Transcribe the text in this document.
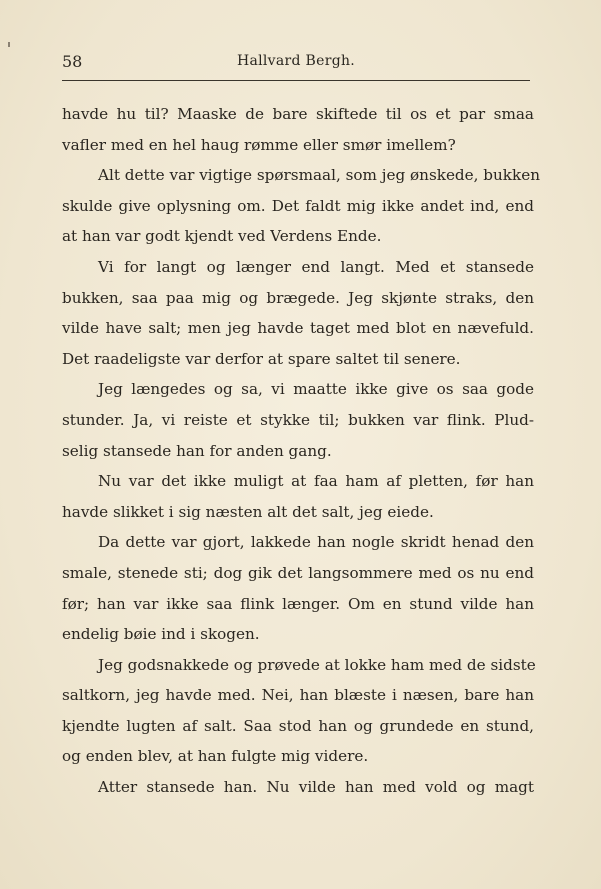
58	Hallvard Bergh.
havde hu til? Maaske de bare skiftede til os et par smaa
vafler med en hel haug rømme eller smør imellem?
Alt dette var vigtige spørsmaal, som jeg ønskede, bukken
skulde give oplysning om. Det faldt mig ikke andet ind, end
at han var godt kjendt ved Verdens Ende.
Vi for langt og længer end langt. Med et stansede
bukken, saa paa mig og brægede. Jeg skjønte straks, den
vilde have salt; men jeg havde taget med blot en nævefuld.
Det raadeligste var derfor at spare saltet til senere.
Jeg længedes og sa, vi maatte ikke give os saa gode
stunder. Ja, vi reiste et stykke til; bukken var flink. Plud-
selig stansede han for anden gang.
Nu var det ikke muligt at faa ham af pletten, før han
havde slikket i sig næsten alt det salt, jeg eiede.
Da dette var gjort, lakkede han nogle skridt henad den
smale, stenede sti; dog gik det langsommere med os nu end
før; han var ikke saa flink længer. Om en stund vilde han
endelig bøie ind i skogen.
Jeg godsnakkede og prøvede at lokke ham med de sidste
saltkorn, jeg havde med. Nei, han blæste i næsen, bare han
kjendte lugten af salt. Saa stod han og grundede en stund,
og enden blev, at han fulgte mig videre.
Atter stansede han. Nu vilde han med vold og magt
